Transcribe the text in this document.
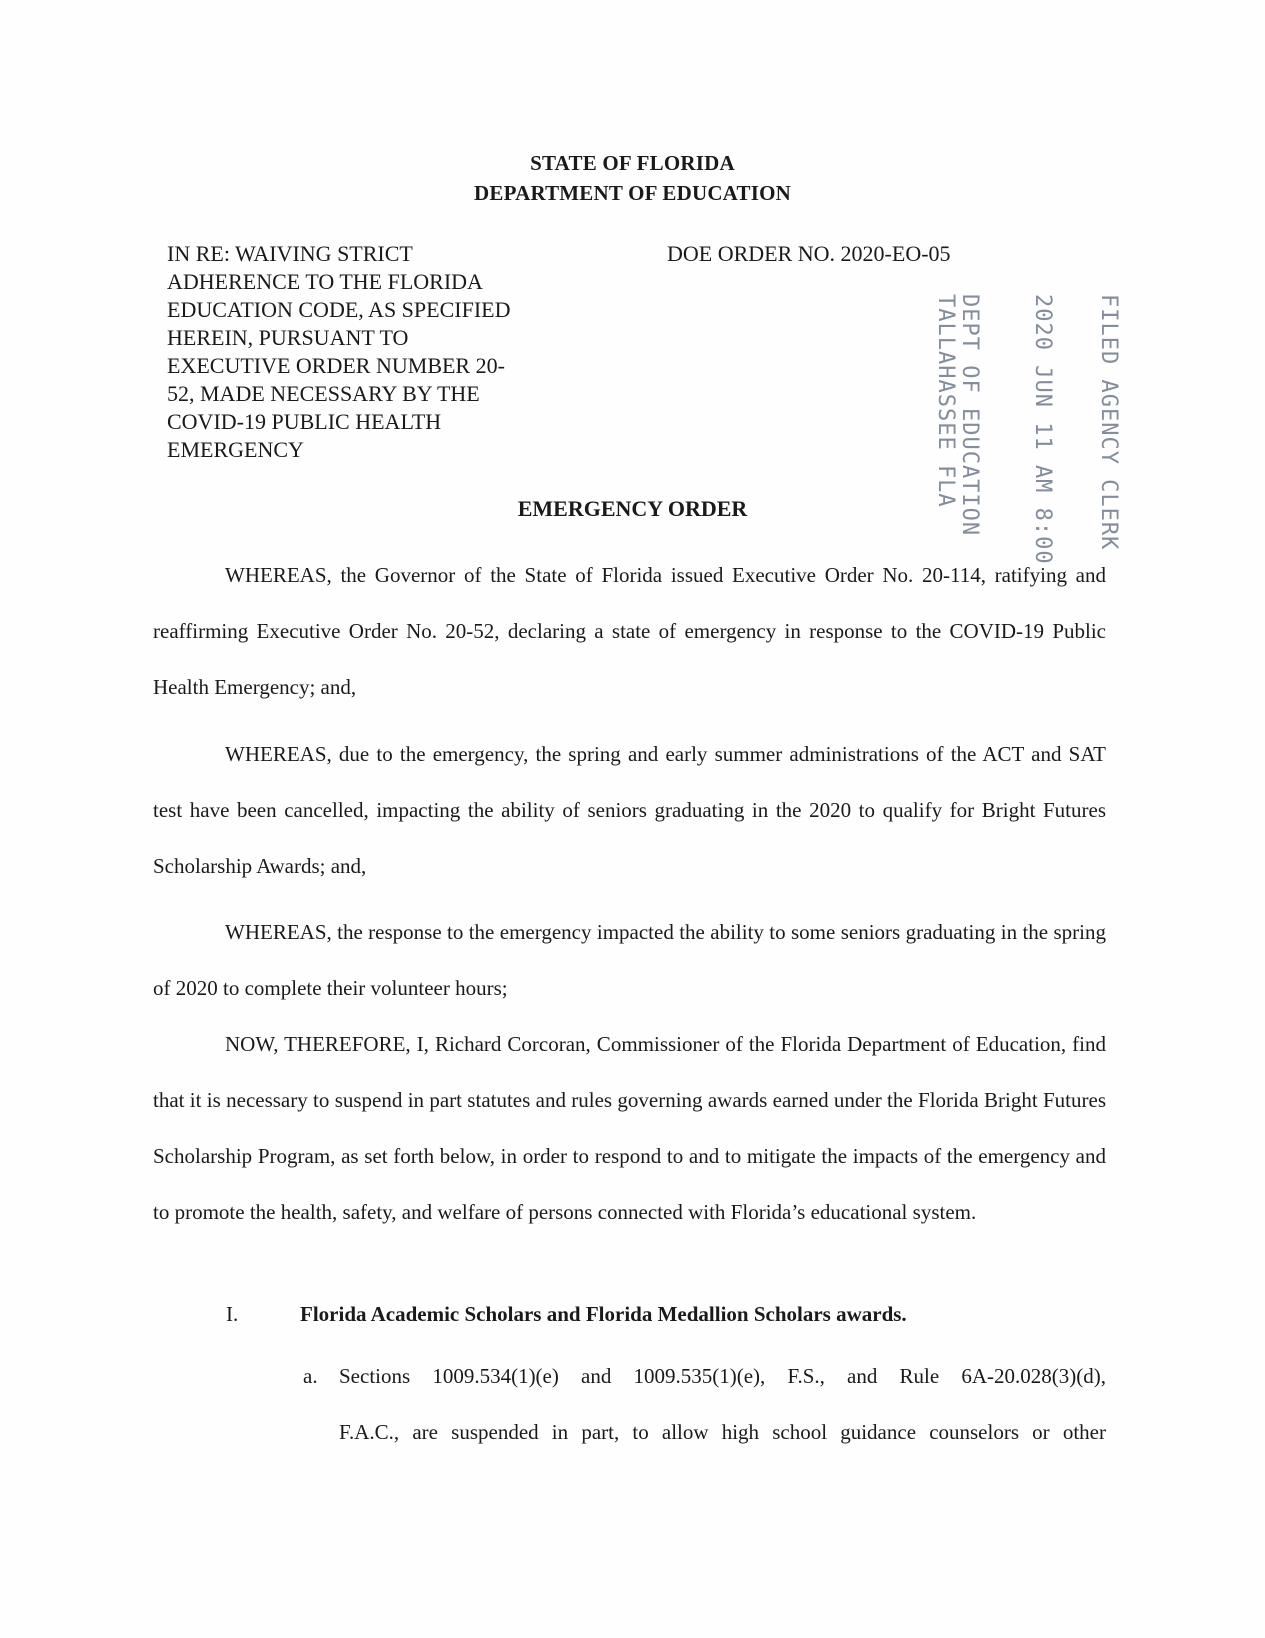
STATE OF FLORIDA
DEPARTMENT OF EDUCATION
IN RE: WAIVING STRICT
ADHERENCE TO THE FLORIDA
EDUCATION CODE, AS SPECIFIED
HEREIN, PURSUANT TO
EXECUTIVE ORDER NUMBER 20-
52, MADE NECESSARY BY THE
COVID-19 PUBLIC HEALTH
EMERGENCY
DOE ORDER NO. 2020-EO-05
FILED AGENCY CLERK
2020 JUN 11 AM 8:00
DEPT OF EDUCATION
TALLAHASSEE FLA
EMERGENCY ORDER

WHEREAS, the Governor of the State of Florida issued Executive Order No. 20-114, ratifying and reaffirming Executive Order No. 20-52, declaring a state of emergency in response to the COVID-19 Public Health Emergency; and,

WHEREAS, due to the emergency, the spring and early summer administrations of the ACT and SAT test have been cancelled, impacting the ability of seniors graduating in the 2020 to qualify for Bright Futures Scholarship Awards; and,

WHEREAS, the response to the emergency impacted the ability to some seniors graduating in the spring of 2020 to complete their volunteer hours;

NOW, THEREFORE, I, Richard Corcoran, Commissioner of the Florida Department of Education, find that it is necessary to suspend in part statutes and rules governing awards earned under the Florida Bright Futures Scholarship Program, as set forth below, in order to respond to and to mitigate the impacts of the emergency and to promote the health, safety, and welfare of persons connected with Florida’s educational system.

I.	Florida Academic Scholars and Florida Medallion Scholars awards.
a. Sections 1009.534(1)(e) and 1009.535(1)(e), F.S., and Rule 6A-20.028(3)(d),
F.A.C., are suspended in part, to allow high school guidance counselors or other
